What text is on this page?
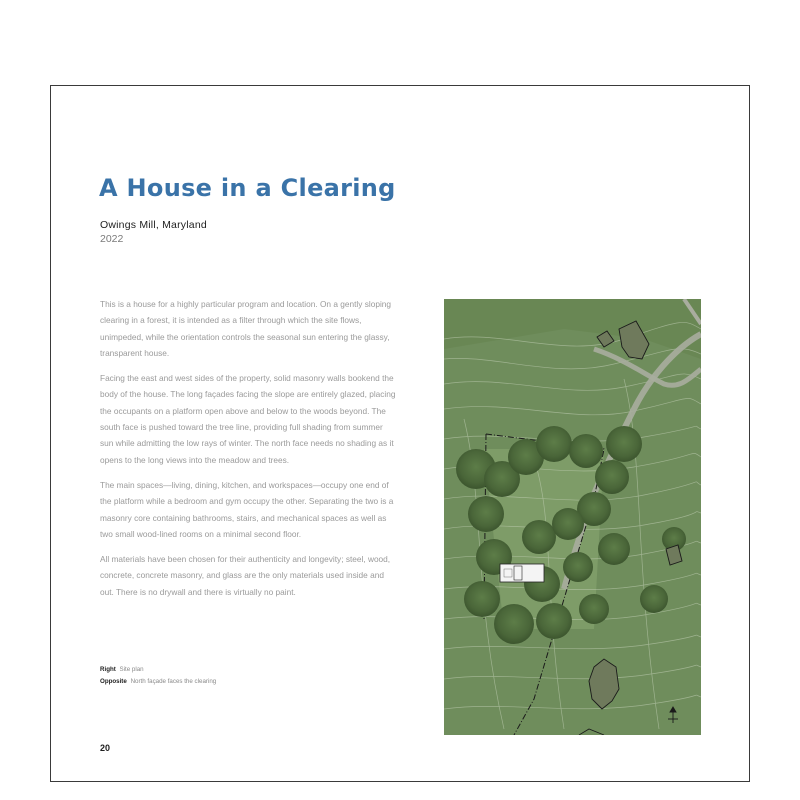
A House in a Clearing
Owings Mill, Maryland
2022

This is a house for a highly particular program and location. On a gently sloping clearing in a forest, it is intended as a filter through which the site flows, unimpeded, while the orientation controls the seasonal sun entering the glassy, transparent house.

Facing the east and west sides of the property, solid masonry walls bookend the body of the house. The long façades facing the slope are entirely glazed, placing the occupants on a platform open above and below to the woods beyond. The south face is pushed toward the tree line, providing full shading from summer sun while admitting the low rays of winter. The north face needs no shading as it opens to the long views into the meadow and trees.

The main spaces—living, dining, kitchen, and workspaces—occupy one end of the platform while a bedroom and gym occupy the other. Separating the two is a masonry core containing bathrooms, stairs, and mechanical spaces as well as two small wood-lined rooms on a minimal second floor.

All materials have been chosen for their authenticity and longevity; steel, wood, concrete, concrete masonry, and glass are the only materials used inside and out. There is no drywall and there is virtually no paint.

Right Site plan
Opposite North façade faces the clearing
20
